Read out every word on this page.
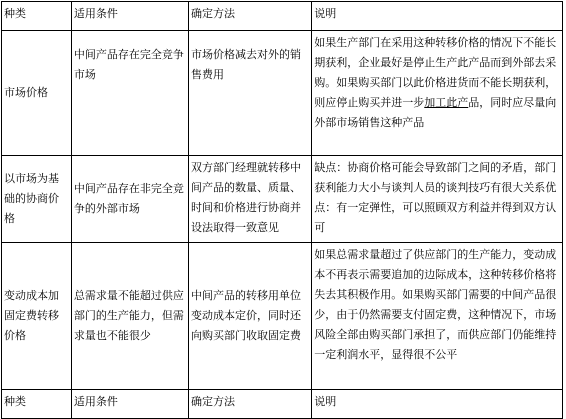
种类	适用条件	确定方法	说明
市场价格	中间产品存在完全竞争市场	市场价格减去对外的销售费用	如果生产部门在采用这种转移价格的情况下不能长期获利，企业最好是停止生产此产品而到外部去采购。如果购买部门以此价格进货而不能长期获利，则应停止购买并进一步加工此产品，同时应尽量向外部市场销售这种产品
以市场为基础的协商价格	中间产品存在非完全竞争的外部市场	双方部门经理就转移中间产品的数量、质量、时间和价格进行协商并设法取得一致意见	缺点：协商价格可能会导致部门之间的矛盾，部门获利能力大小与谈判人员的谈判技巧有很大关系优点：有一定弹性，可以照顾双方利益并得到双方认可
变动成本加固定费转移价格	总需求量不能超过供应部门的生产能力，但需求量也不能很少	中间产品的转移用单位变动成本定价，同时还向购买部门收取固定费	如果总需求量超过了供应部门的生产能力，变动成本不再表示需要追加的边际成本，这种转移价格将失去其积极作用。如果购买部门需要的中间产品很少，由于仍然需要支付固定费，这种情况下，市场风险全部由购买部门承担了，而供应部门仍能维持一定利润水平，显得很不公平
种类	适用条件	确定方法	说明
